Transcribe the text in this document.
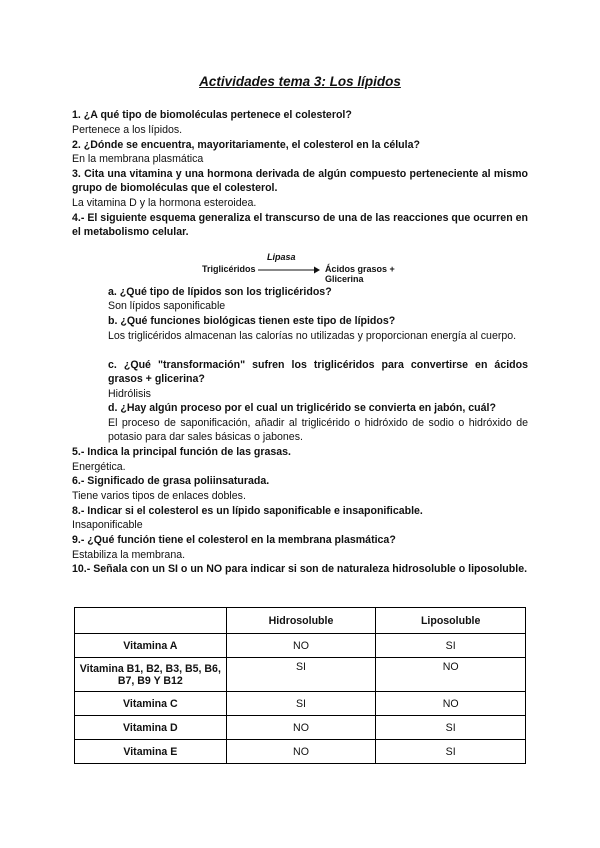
Actividades tema 3: Los lípidos
1. ¿A qué tipo de biomoléculas pertenece el colesterol?
Pertenece a los lípidos.
2. ¿Dónde se encuentra, mayoritariamente, el colesterol en la célula?
En la membrana plasmática
3. Cita una vitamina y una hormona derivada de algún compuesto perteneciente al mismo grupo de biomoléculas que el colesterol.
La vitamina D y la hormona esteroidea.
4.- El siguiente esquema generaliza el transcurso de una de las reacciones que ocurren en el metabolismo celular.
Triglicéridos
Lipasa
Ácidos grasos + Glicerina
a. ¿Qué tipo de lípidos son los triglicéridos?
Son lípidos saponificable
b. ¿Qué funciones biológicas tienen este tipo de lípidos?
Los triglicéridos almacenan las calorías no utilizadas y proporcionan energía al cuerpo.
c. ¿Qué "transformación" sufren los triglicéridos para convertirse en ácidos grasos + glicerina?
Hidrólisis
d. ¿Hay algún proceso por el cual un triglicérido se convierta en jabón, cuál?
El proceso de saponificación, añadir al triglicérido o hidróxido de sodio o hidróxido de potasio para dar sales básicas o jabones.
5.- Indica la principal función de las grasas.
Energética.
6.- Significado de grasa poliinsaturada.
Tiene varios tipos de enlaces dobles.
8.- Indicar si el colesterol es un lípido saponificable e insaponificable.
Insaponificable
9.- ¿Qué función tiene el colesterol en la membrana plasmática?
Estabiliza la membrana.
10.- Señala con un SI o un NO para indicar si son de naturaleza hidrosoluble o liposoluble.
	Hidrosoluble	Liposoluble
Vitamina A	NO	SI
Vitamina B1, B2, B3, B5, B6, B7, B9 Y B12	SI	NO
Vitamina C	SI	NO
Vitamina D	NO	SI
Vitamina E	NO	SI
